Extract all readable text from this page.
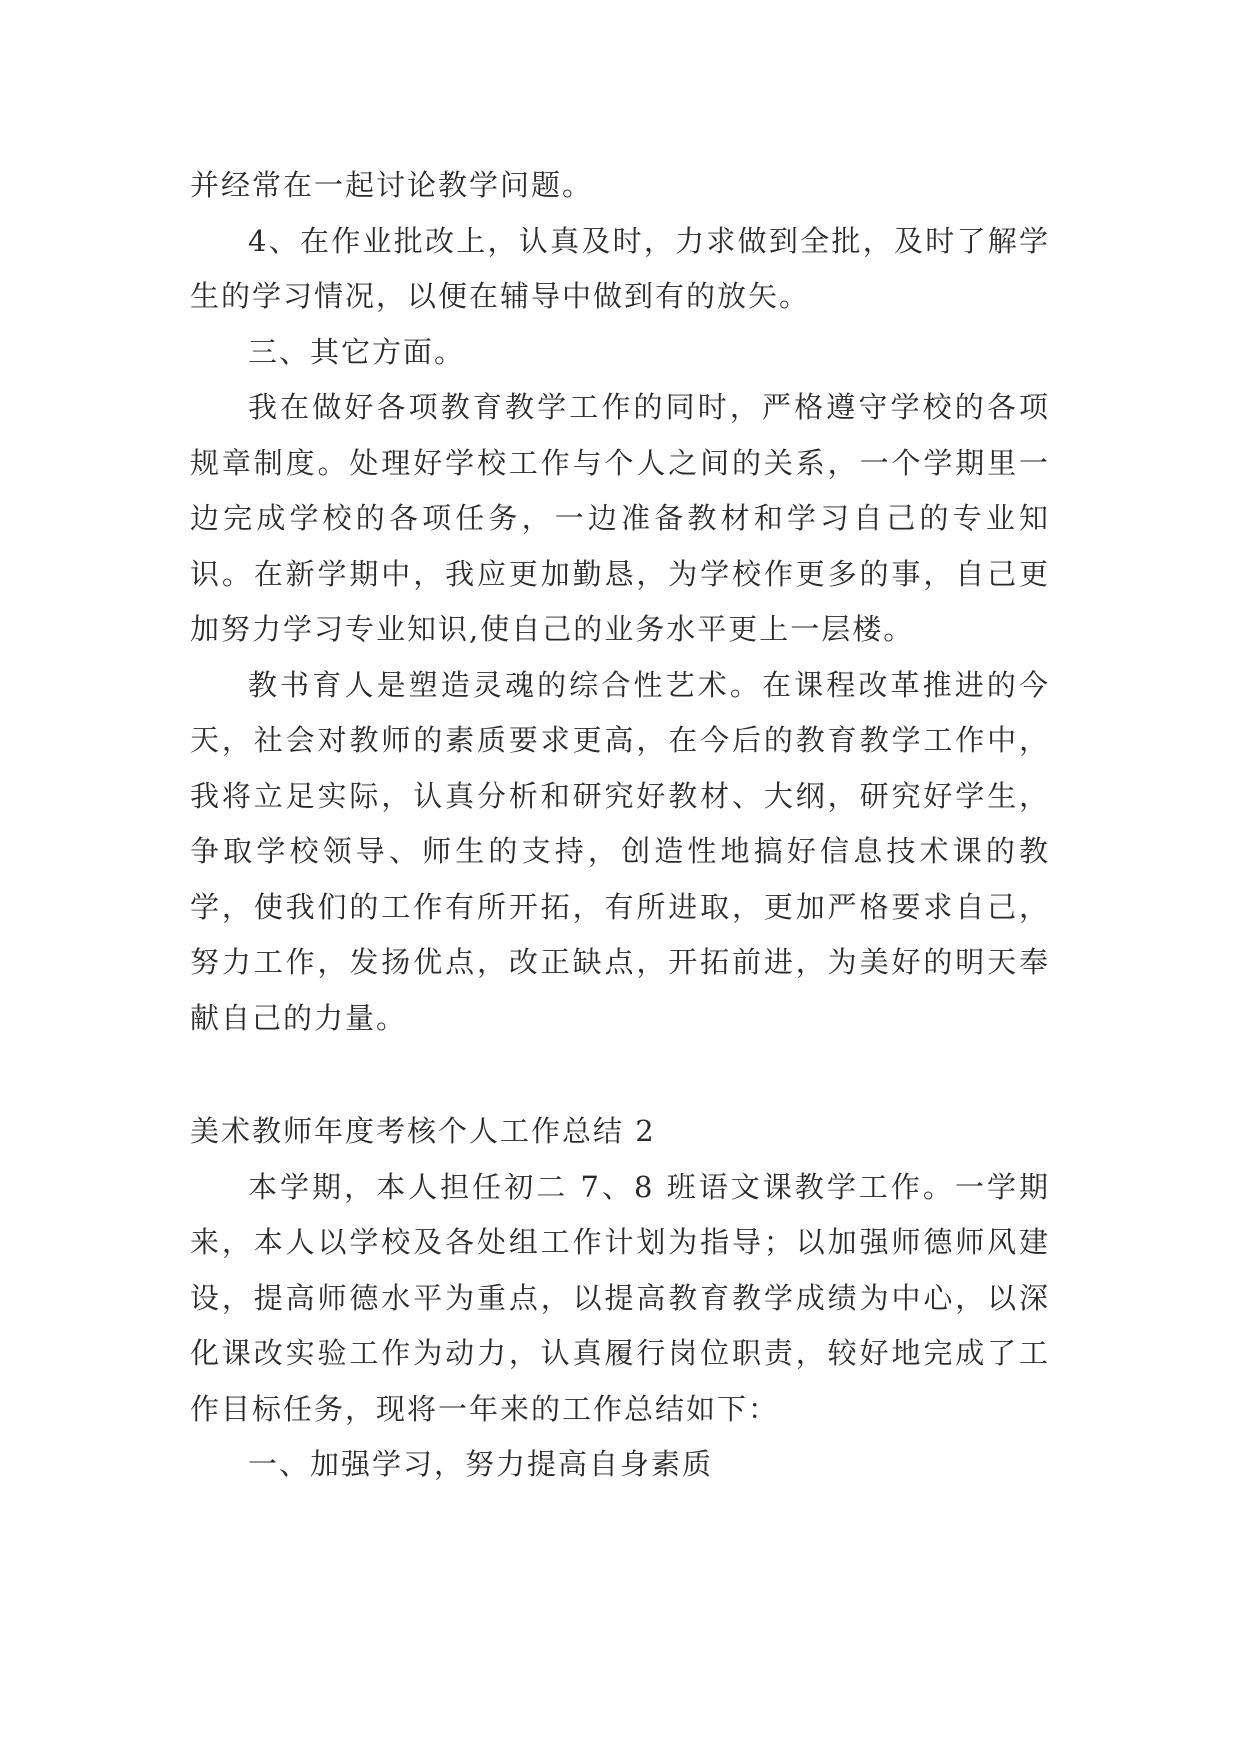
并经常在一起讨论教学问题。

4、在作业批改上，认真及时，力求做到全批，及时了解学生的学习情况，以便在辅导中做到有的放矢。

三、其它方面。

我在做好各项教育教学工作的同时，严格遵守学校的各项规章制度。处理好学校工作与个人之间的关系，一个学期里一边完成学校的各项任务，一边准备教材和学习自己的专业知识。在新学期中，我应更加勤恳，为学校作更多的事，自己更加努力学习专业知识,使自己的业务水平更上一层楼。

教书育人是塑造灵魂的综合性艺术。在课程改革推进的今天，社会对教师的素质要求更高，在今后的教育教学工作中，我将立足实际，认真分析和研究好教材、大纲，研究好学生，争取学校领导、师生的支持，创造性地搞好信息技术课的教学，使我们的工作有所开拓，有所进取，更加严格要求自己，努力工作，发扬优点，改正缺点，开拓前进，为美好的明天奉献自己的力量。

美术教师年度考核个人工作总结 2

本学期，本人担任初二 7、8 班语文课教学工作。一学期来，本人以学校及各处组工作计划为指导；以加强师德师风建设，提高师德水平为重点，以提高教育教学成绩为中心，以深化课改实验工作为动力，认真履行岗位职责，较好地完成了工作目标任务，现将一年来的工作总结如下：

一、加强学习，努力提高自身素质
